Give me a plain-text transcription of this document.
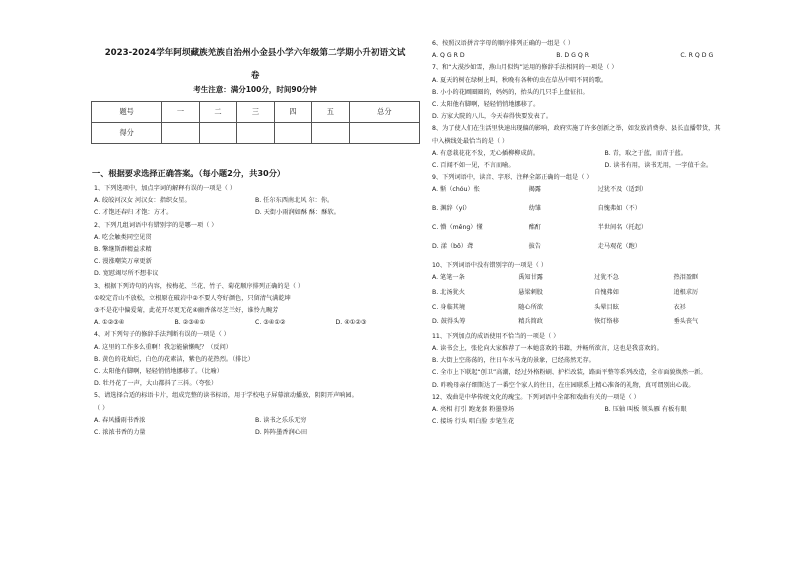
2023-2024学年阿坝藏族羌族自治州小金县小学六年级第二学期小升初语文试
卷
考生注意：满分100分，时间90分钟
题号	一	二	三	四	五	总分
得分						
一、根据要求选择正确答案。（每小题2分，共30分）
1、下列选项中，加点字词的解释有误的一项是（ ）
A. 皎皎河汉女 河汉女：指织女星。	B. 任尔东西南北风 尔：你。
C. 才饱还春归 才饱：方才。	D. 天街小雨润如酥 酥：酥软。
2、下列几组词语中有错别字的是哪一项（ ）
A. 吃会触类同空见贯
B. 擎继斯群精益求精
C. 漫涨嘲笑万章更新
D. 宽慰竭尽所不想非议
3、根据下列诗句的内容，按梅花、兰花、竹子、菊花顺序排列正确的是（ ）
①咬定青山不放松，立根原在破岩中②不要人夸好颜色，只留清气满乾坤
③不是花中偏爱菊，此花开尽更无花④幽香落尽芝兰好，谁怜九畹芳
A. ①②③④	B. ②③④①	C. ③④①②	D. ④①②③
4、对下列句子的修辞手法判断有误的一项是（ ）
A. 这里的工作多么重啊！我怎能偷懒呢？（反问）
B. 黄色的花灿烂，白色的花素洁，紫色的花热烈。（排比）
C. 太阳他有脚啊，轻轻悄悄地挪移了。（比喻）
D. 牡丹花了一声，大山都抖了三抖。（夸张）
5、请选择合适的标语卡片，组成完整的读书标语，用于学校电子屏幕滚动播放，阴阴开声响园。
（ ）
A. 春风播雨书香浓	B. 读书之乐乐无穷
C. 浓浓书香的力量	D. 阵阵墨香润心田
6、按照汉语拼音字母的顺序排列正确的一组是（ ）
A. Q G R D	B. D G Q R	C. R Q D G
7、和“大漠沙如雪，燕山月似钩”运用的修辞手法相同的一项是（ ）
A. 夏天的树在绿树上叫，秋晚有各种的虫在草丛中唱不同的歌。
B. 小小的花圃圈圈的，妈妈的，抬头的几只手上盘征扣。
C. 太阳他有脚啊，轻轻悄悄地挪移了。
D. 方家大院的八儿，今天春得快要发表了。
8、为了使人们在生活里快速出现偏的影响，政府实施了许多创新之举，如发放消费券、县长直播带货，其
中入横线处最恰当的是（ ）
A. 有意栽花花不发，无心插柳柳成荫。	B. 青，取之于蓝，而青于蓝。
C. 百闻不如一见，不言而喻。	D. 读书有用，读书无用，一字值千金。
9、下列词语中，读音、字形、注释全部正确的一组是（ ）
A. 惭（chóu）怅	揭露	过犹不及（适到）
B. 渊辞（yí）	幼雏	自愧弗如（不）
C. 懵（měng）懂	酩酊	半世间名（托起）
D. 漾（bō）聋	拔告	走马观花（跑）
10、下列词语中没有错别字的一项是（ ）
A. 笔笔一条	禹知甘露	过犹不急	热泪盈眶
B. 北汤犹火	悬梁刺股	自愧弗如	追根求厉
C. 身临其境	随心所欲	头晕目眩	衣衫
D. 鼓得头筹	精兵简政	恢灯络移	垂头丧气
11、下列加点的成语使用不恰当的一项是（ ）
A. 读书会上，张伦向大家推荐了一本她喜欢的书籍，并畅所欲言，这也是我喜欢的。
B. 大街上空荡荡的，往日车水马龙的景象，已经荡然无存。
C. 全市上下联起“创卫”高潮，经过外格粉刷、护栏改装，路面平整等系列改造，全市面貌焕然一新。
D. 昨晚母亲仔细斯达了一番空个家人的往日，在庄园联系上精心准备的礼物，真可谓别出心裁。
12、戏曲是中华传统文化的瑰宝。下列词语中全部和戏曲有关的一项是（ ）
A. 亮相 打引 跑龙套 粉墨登场	B. 压轴 叫板 领头雁 有板有眼
C. 接场 行头 唱白脸 步笔生花
